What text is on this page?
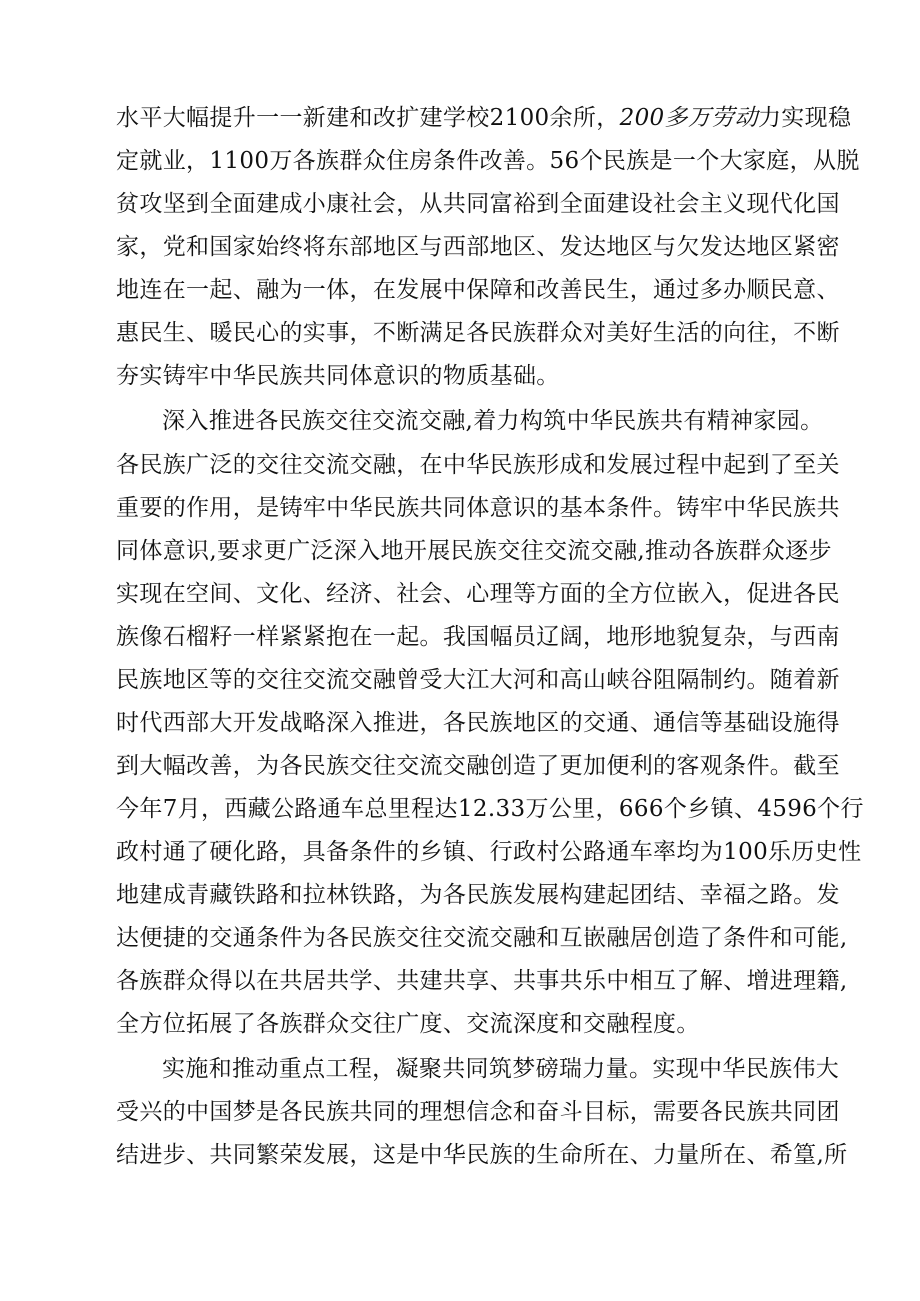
水平大幅提升一一新建和改扩建学校2100余所，200多万劳动力实现稳
定就业，1100万各族群众住房条件改善。56个民族是一个大家庭，从脱
贫攻坚到全面建成小康社会，从共同富裕到全面建设社会主义现代化国
家，党和国家始终将东部地区与西部地区、发达地区与欠发达地区紧密
地连在一起、融为一体，在发展中保障和改善民生，通过多办顺民意、
惠民生、暖民心的实事，不断满足各民族群众对美好生活的向往，不断
夯实铸牢中华民族共同体意识的物质基础。
深入推进各民族交往交流交融,着力构筑中华民族共有精神家园。
各民族广泛的交往交流交融，在中华民族形成和发展过程中起到了至关
重要的作用，是铸牢中华民族共同体意识的基本条件。铸牢中华民族共
同体意识,要求更广泛深入地开展民族交往交流交融,推动各族群众逐步
实现在空间、文化、经济、社会、心理等方面的全方位嵌入，促进各民
族像石榴籽一样紧紧抱在一起。我国幅员辽阔，地形地貌复杂，与西南
民族地区等的交往交流交融曾受大江大河和高山峡谷阻隔制约。随着新
时代西部大开发战略深入推进，各民族地区的交通、通信等基础设施得
到大幅改善，为各民族交往交流交融创造了更加便利的客观条件。截至
今年7月，西藏公路通车总里程达12.33万公里，666个乡镇、4596个行
政村通了硬化路，具备条件的乡镇、行政村公路通车率均为100乐历史性
地建成青藏铁路和拉林铁路，为各民族发展构建起团结、幸福之路。发
达便捷的交通条件为各民族交往交流交融和互嵌融居创造了条件和可能,
各族群众得以在共居共学、共建共享、共事共乐中相互了解、增进理籍,
全方位拓展了各族群众交往广度、交流深度和交融程度。
实施和推动重点工程，凝聚共同筑梦磅瑞力量。实现中华民族伟大
受兴的中国梦是各民族共同的理想信念和奋斗目标，需要各民族共同团
结进步、共同繁荣发展，这是中华民族的生命所在、力量所在、希篁,所
